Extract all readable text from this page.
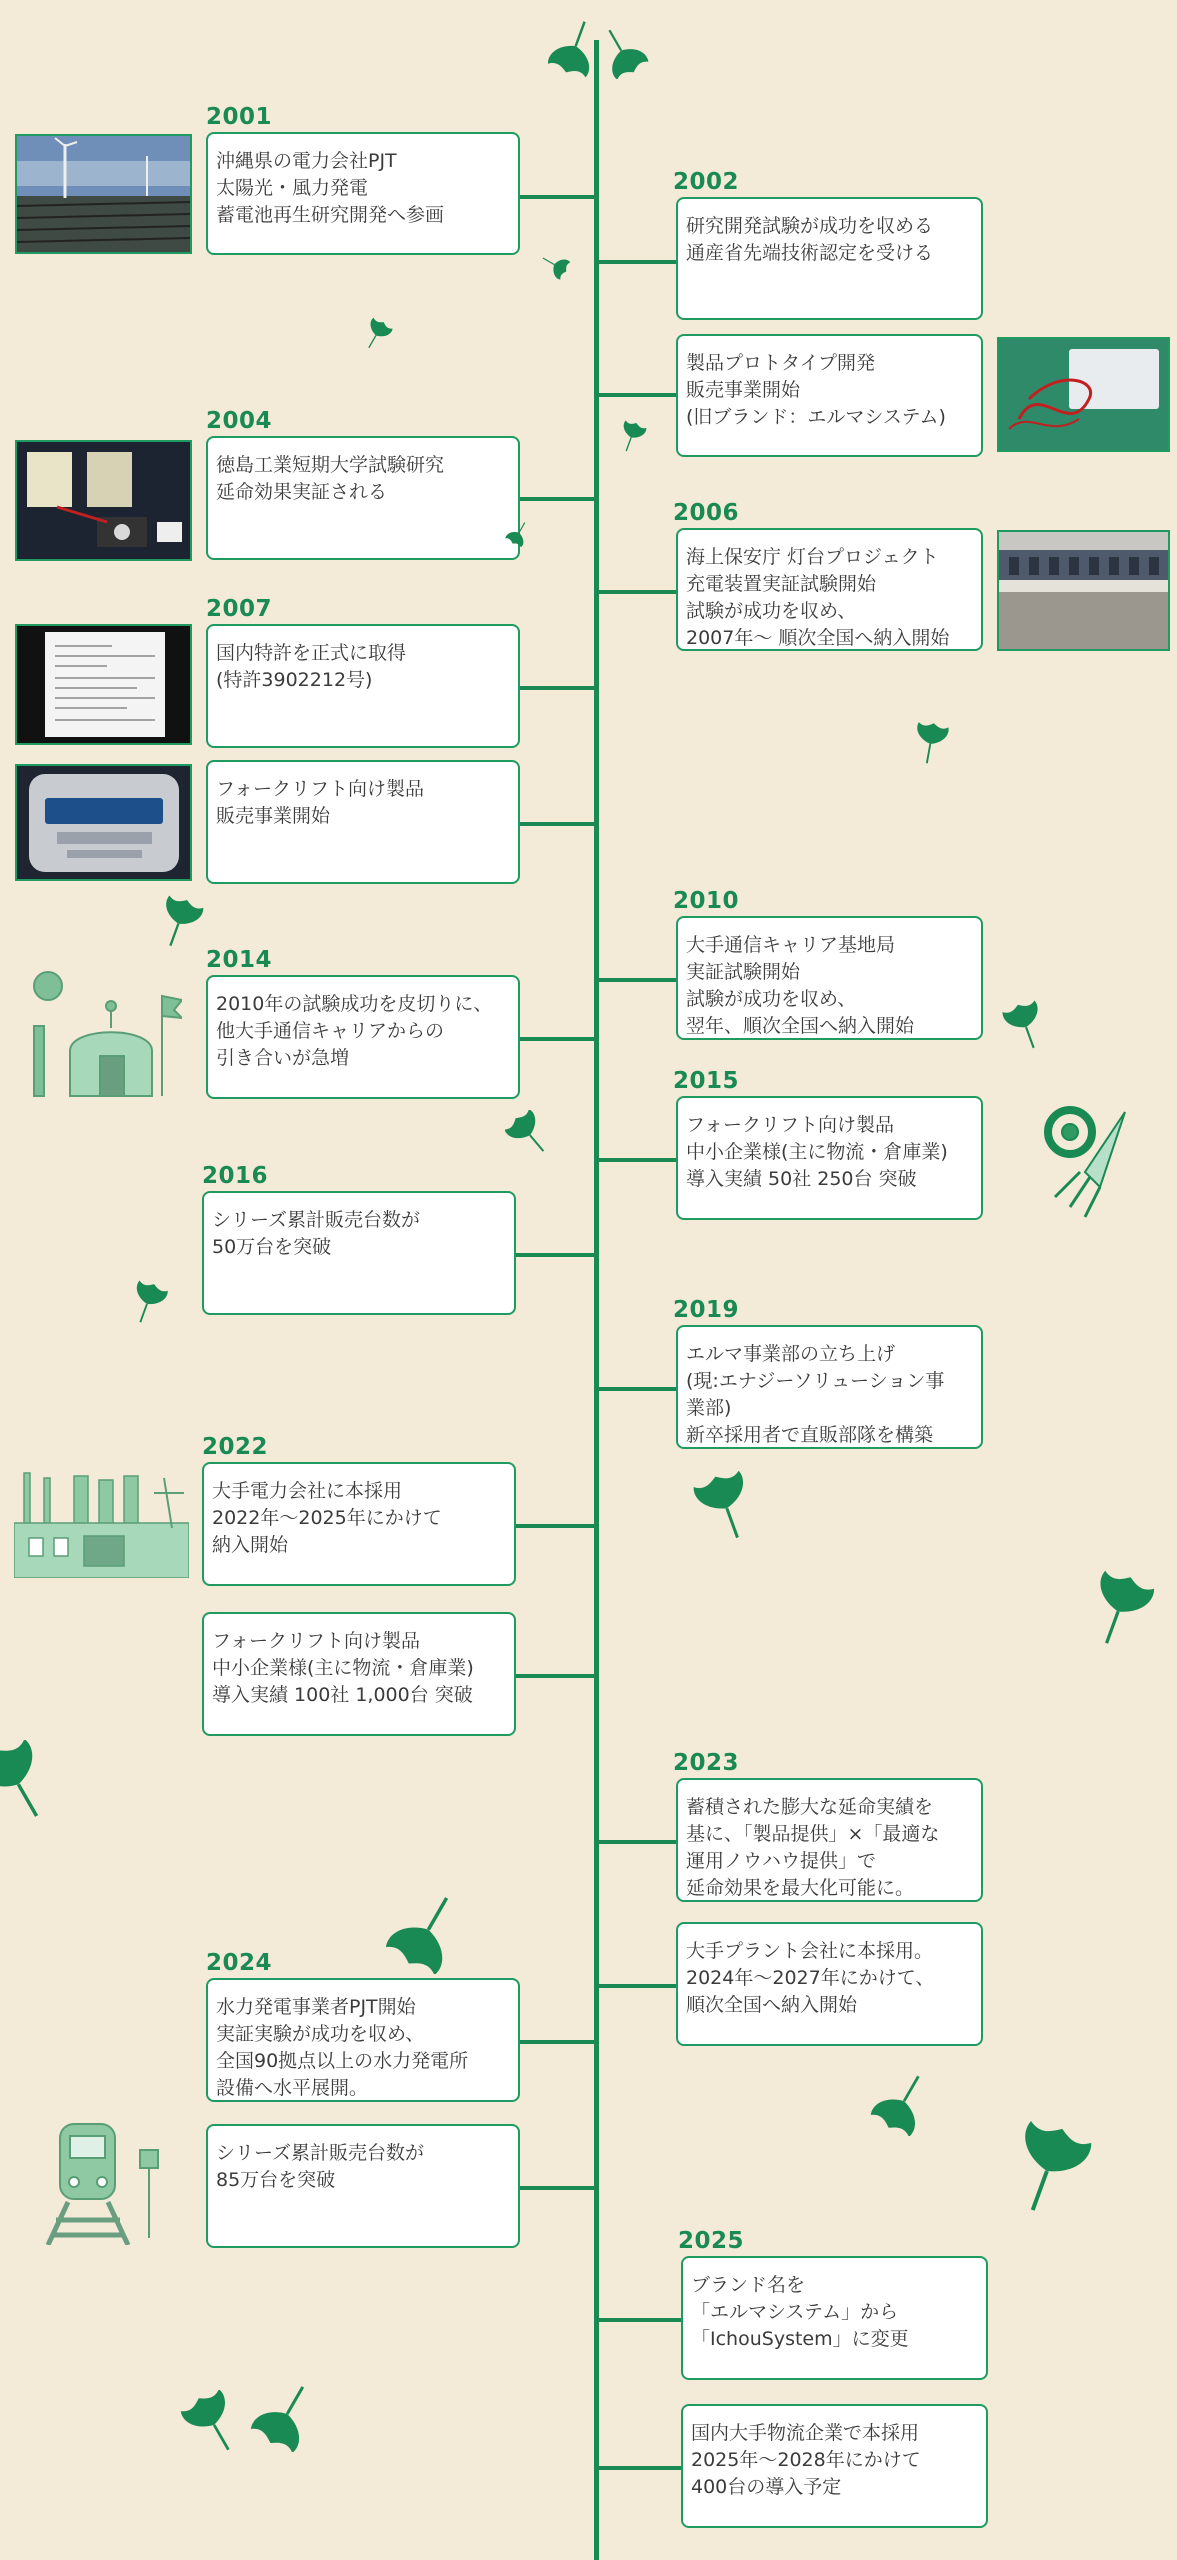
2001
沖縄県の電力会社PJT
太陽光・風力発電
蓄電池再生研究開発へ参画
2002
研究開発試験が成功を収める
通産省先端技術認定を受ける
製品プロトタイプ開発
販売事業開始
(旧ブランド：エルマシステム)
2004
徳島工業短期大学試験研究
延命効果実証される
2006
海上保安庁 灯台プロジェクト
充電装置実証試験開始
試験が成功を収め、
2007年〜 順次全国へ納入開始
2007
国内特許を正式に取得
(特許3902212号)
フォークリフト向け製品
販売事業開始
2010
大手通信キャリア基地局
実証試験開始
試験が成功を収め、
翌年、順次全国へ納入開始
2014
2010年の試験成功を皮切りに、
他大手通信キャリアからの
引き合いが急増
2015
フォークリフト向け製品
中小企業様(主に物流・倉庫業)
導入実績 50社 250台 突破
2016
シリーズ累計販売台数が
50万台を突破
2019
エルマ事業部の立ち上げ
(現:エナジーソリューション事
業部)
新卒採用者で直販部隊を構築
2022
大手電力会社に本採用
2022年〜2025年にかけて
納入開始
フォークリフト向け製品
中小企業様(主に物流・倉庫業)
導入実績 100社 1,000台 突破
2023
蓄積された膨大な延命実績を
基に、「製品提供」×「最適な
運用ノウハウ提供」で
延命効果を最大化可能に。
大手プラント会社に本採用。
2024年〜2027年にかけて、
順次全国へ納入開始
2024
水力発電事業者PJT開始
実証実験が成功を収め、
全国90拠点以上の水力発電所
設備へ水平展開。
シリーズ累計販売台数が
85万台を突破
2025
ブランド名を
「エルマシステム」から
「IchouSystem」に変更
国内大手物流企業で本採用
2025年〜2028年にかけて
400台の導入予定
